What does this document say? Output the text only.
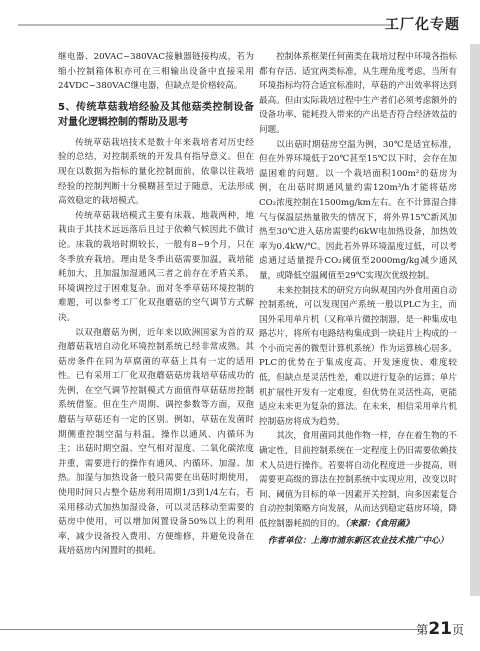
工厂化专题

继电器、20VAC~380VAC接触器链接构成，若为缩小控制箱体积亦可在三相输出设备中直接采用24VDC~380VAC继电器，但缺点是价格较高。

5、传统草菇栽培经验及其他菇类控制设备对量化逻辑控制的帮助及思考

传统草菇栽培技术是数十年来栽培者对历史经验的总结，对控制系统的开发具有指导意义。但在现在以数据为指标的量化控制面前，依靠以往栽培经验的控制判断十分模糊甚至过于随意，无法形成高效稳定的栽培模式。

传统草菇栽培模式主要有床栽、地栽两种，地栽由于其技术远远落后且过于依赖气候因此不做讨论。床栽的栽培时期较长，一般有8~9个月，只在冬季放弃栽培。理由是冬季出菇需要加温，栽培能耗加大，且加温加湿通风三者之前存在矛盾关系，环境调控过于困难复杂。面对冬季草菇环境控制的难题，可以参考工厂化双孢蘑菇的空气调节方式解决。

以双孢蘑菇为例，近年来以欧洲国家为首的双孢蘑菇栽培自动化环境控制系统已经非常成熟。其菇房条件在同为草腐菌的草菇上具有一定的适用性。已有采用工厂化双孢蘑菇菇房栽培草菇成功的先例，在空气调节控制模式方面值得草菇菇房控制系统借鉴。但在生产周期、调控参数等方面，双孢蘑菇与草菇还有一定的区别。例如，草菇在发菌时期侧重控制空温与料温，操作以通风、内循环为主；出菇时期空温、空气相对湿度、二氧化碳浓度并重，需要进行的操作有通风、内循环、加湿、加热。加湿与加热设备一般只需要在出菇时期使用，使用时间只占整个菇房利用周期1/3到1/4左右，若采用移动式加热加湿设备，可以灵活移动至需要的菇房中使用，可以增加闲置设备50%以上的利用率，减少设备投入费用、方便维修，并避免设备在栽培菇房内闲置时的损耗。

控制体系框架任何菌类在栽培过程中环境各指标都有存活、适宜两类标准，从生理角度考虑，当所有环境指标均符合适宜标准时，草菇的产出效率将达到最高。但由实际栽培过程中生产者们必须考虑额外的设备功率、能耗投入带来的产出是否符合经济效益的问题。

以出菇时期菇房空温为例，30℃是适宜标准，但在外界环境低于20℃甚至15℃以下时，会存在加温困难的问题。以一个栽培面积100m²的菇房为例，在出菇时期通风量约需120m³/h才能将菇房CO₂浓度控制在1500mg/km左右。在不计算湿合排气与保温层热量散失的情况下，将外界15℃新风加热至30℃进入菇房需要约6kW电加热设备，加热效率为0.4kW/℃。因此若外界环境温度过低，可以考虑通过适量提升CO₂阈值至2000mg/kg减少通风量，或降低空温阈值至29℃实现次优级控制。

未来控制技术的研究方向纵观国内外食用菌自动控制系统，可以发现国产系统一般以PLC为主，而国外采用单片机（又称单片微控制器，是一种集成电路芯片，将所有电路结构集成到一块硅片上构成的一个小而完善的微型计算机系统）作为运算核心居多。PLC的优势在于集成度高、开发速度快、难度较低，但缺点是灵活性差，难以进行复杂的运算；单片机扩展性开发有一定难度，但优势在灵活性高，更能适应未来更为复杂的算法。在未来，相信采用单片机控制菇房将成为趋势。

其次，食用菌同其他作物一样，存在着生物的不确定性，目前控制系统在一定程度上仍旧需要依赖技术人员进行操作。若要将自动化程度进一步提高，则需要更高级的算法在控制系统中实现应用，改变以时间、阈值为目标的单一因素开关控制，向多因素复合自动控制策略方向发展，从而达到稳定菇房环境，降低控制器耗损的目的。（来源：《食用菌》

作者单位：上海市浦东新区农业技术推广中心）

第21页
